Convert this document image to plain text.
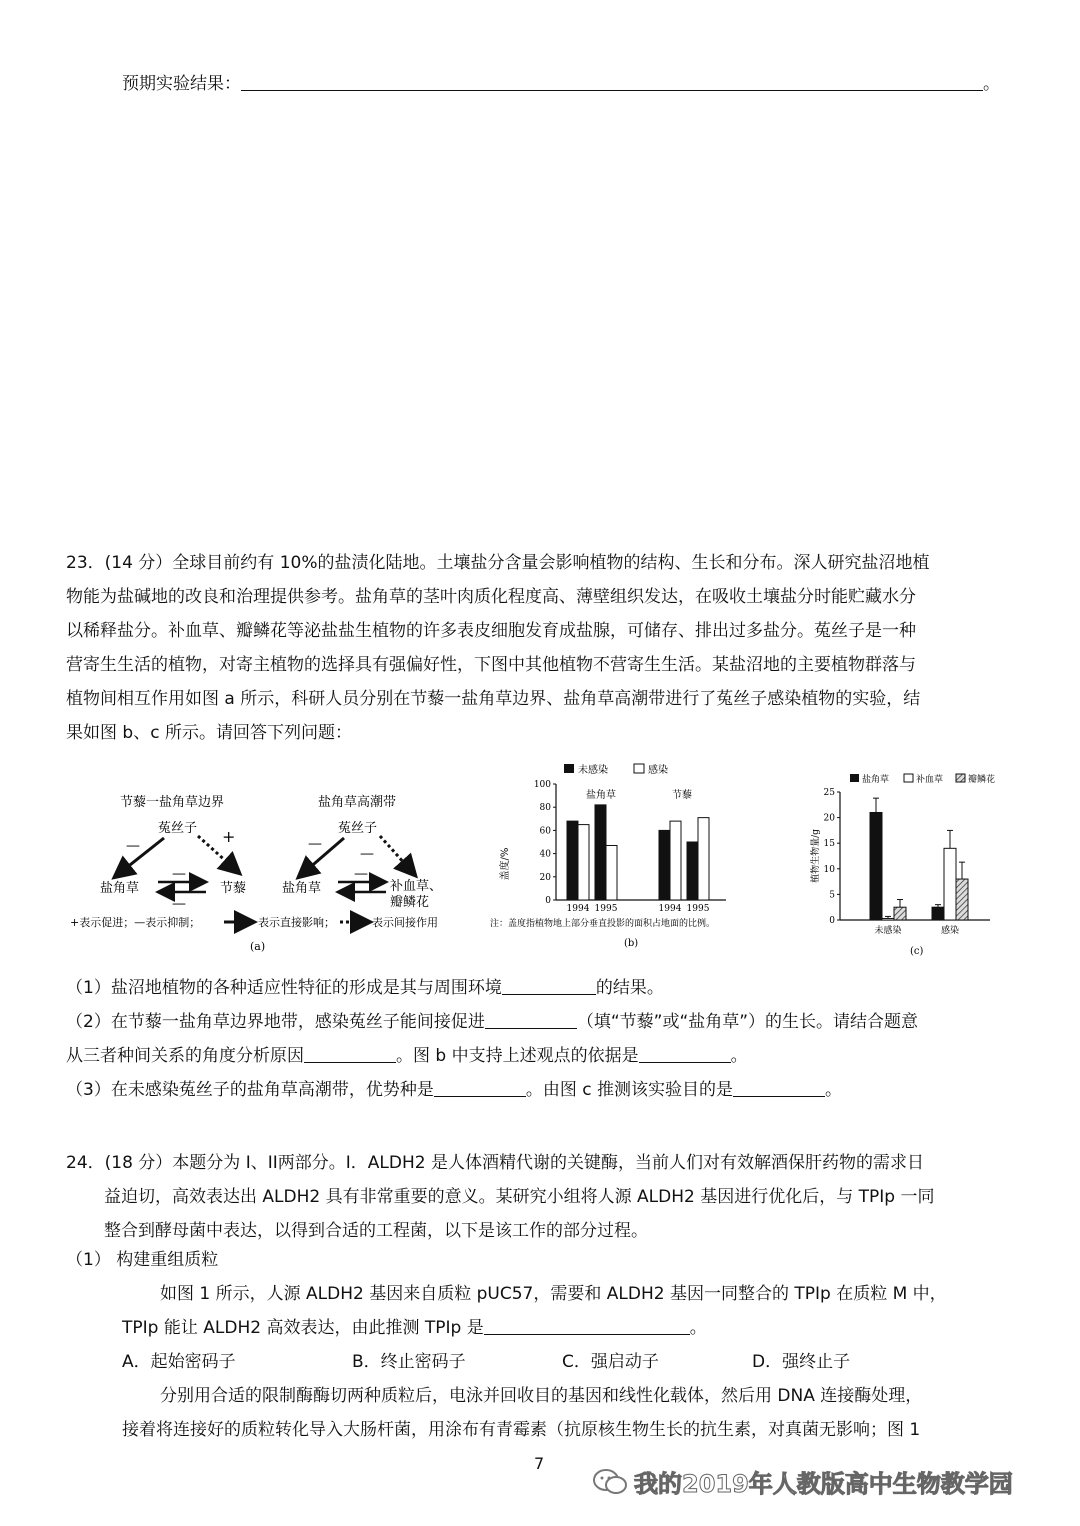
预期实验结果：	。
23．(14 分）全球目前约有 10%的盐渍化陆地。土壤盐分含量会影响植物的结构、生长和分布。深人研究盐沼地植
物能为盐碱地的改良和治理提供参考。盐角草的茎叶肉质化程度高、薄壁组织发达，在吸收土壤盐分时能贮藏水分
以稀释盐分。补血草、瓣鳞花等泌盐盐生植物的许多表皮细胞发育成盐腺，可储存、排出过多盐分。菟丝子是一种
营寄生生活的植物，对寄主植物的选择具有强偏好性，下图中其他植物不营寄生生活。某盐沼地的主要植物群落与
植物间相互作用如图 a 所示，科研人员分别在节藜一盐角草边界、盐角草高潮带进行了菟丝子感染植物的实验，结
果如图 b、c 所示。请回答下列问题：
节藜一盐角草边界
菟丝子
—	+
盐角草	节藜
—
—
盐角草高潮带
菟丝子
—
—
盐角草	补血草、
瓣鳞花
—
+表示促进；—表示抑制；	表示直接影响；	表示间接作用
(a)
未感染	感染
盖度/%
0
20
40
60
80
100
1994 1995	1994 1995
盐角草	节藜
注：盖度指植物地上部分垂直投影的面积占地面的比例。
(b)
盐角草	补血草	瓣鳞花
植物生物量/g
0
5
10
15
20
25
未感染	感染
(c)
（1）盐沼地植物的各种适应性特征的形成是其与周围环境	的结果。
（2）在节藜一盐角草边界地带，感染菟丝子能间接促进	（填“节藜”或“盐角草”）的生长。请结合题意
从三者种间关系的角度分析原因	。图 b 中支持上述观点的依据是	。
（3）在未感染菟丝子的盐角草高潮带，优势种是	。由图 c 推测该实验目的是	。
24．(18 分）本题分为 I、II两部分。I．ALDH2 是人体酒精代谢的关键酶，当前人们对有效解酒保肝药物的需求日
益迫切，高效表达出 ALDH2 具有非常重要的意义。某研究小组将人源 ALDH2 基因进行优化后，与 TPIp 一同
整合到酵母菌中表达，以得到合适的工程菌，以下是该工作的部分过程。
（1） 构建重组质粒
如图 1 所示，人源 ALDH2 基因来自质粒 pUC57，需要和 ALDH2 基因一同整合的 TPIp 在质粒 M 中，
TPIp 能让 ALDH2 高效表达，由此推测 TPIp 是	。
A．起始密码子	B．终止密码子	C．强启动子	D．强终止子
分别用合适的限制酶酶切两种质粒后，电泳并回收目的基因和线性化载体，然后用 DNA 连接酶处理，
接着将连接好的质粒转化导入大肠杆菌，用涂布有青霉素（抗原核生物生长的抗生素，对真菌无影响；图 1
7
我的2019年人教版高中生物教学园
